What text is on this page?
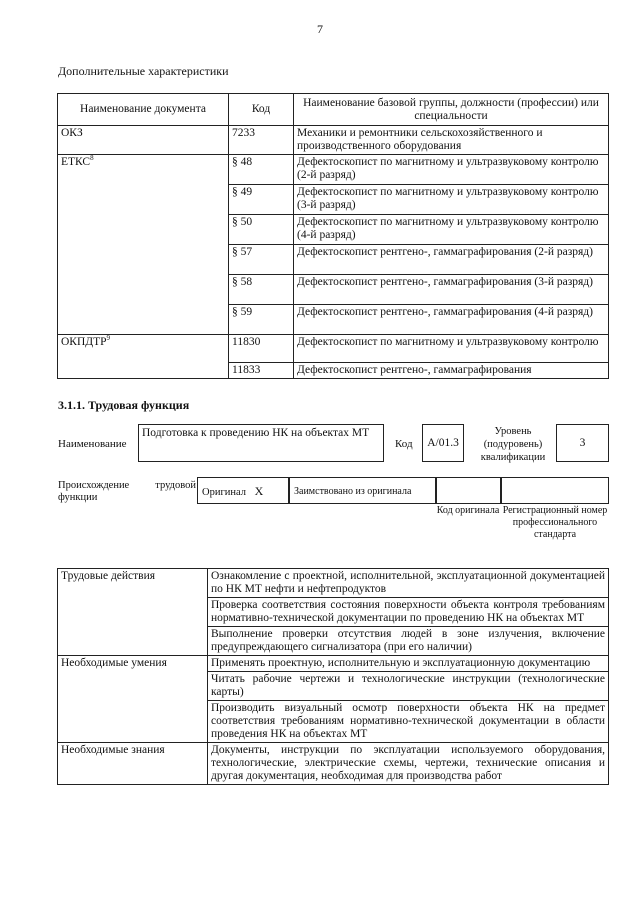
7
Дополнительные характеристики
Наименование документа	Код	Наименование базовой группы, должности (профессии) или специальности
ОКЗ	7233	Механики и ремонтники сельскохозяйственного и производственного оборудования
ЕТКС$^8$	§ 48	Дефектоскопист по магнитному и ультразвуковому контролю (2-й разряд)
	§ 49	Дефектоскопист по магнитному и ультразвуковому контролю (3-й разряд)
	§ 50	Дефектоскопист по магнитному и ультразвуковому контролю (4-й разряд)
	§ 57	Дефектоскопист рентгено-, гаммаграфирования (2-й разряд)
	§ 58	Дефектоскопист рентгено-, гаммаграфирования (3-й разряд)
	§ 59	Дефектоскопист рентгено-, гаммаграфирования (4-й разряд)
ОКПДТР$^9$	11830	Дефектоскопист по магнитному и ультразвуковому контролю
	11833	Дефектоскопист рентгено-, гаммаграфирования
3.1.1. Трудовая функция
Наименование
Подготовка к проведению НК на объектах МТ
Код	A/01.3
Уровень (подуровень) квалификации
3
Происхождение трудовой функции	Оригинал X	Заимствовано из оригинала
Код оригинала Регистрационный номер профессионального стандарта
Трудовые действия	Ознакомление с проектной, исполнительной, эксплуатационной документацией по НК МТ нефти и нефтепродуктов
	Проверка соответствия состояния поверхности объекта контроля требованиям нормативно-технической документации по проведению НК на объектах МТ
	Выполнение проверки отсутствия людей в зоне излучения, включение предупреждающего сигнализатора (при его наличии)
Необходимые умения	Применять проектную, исполнительную и эксплуатационную документацию
	Читать рабочие чертежи и технологические инструкции (технологические карты)
	Производить визуальный осмотр поверхности объекта НК на предмет соответствия требованиям нормативно-технической документации в области проведения НК на объектах МТ
Необходимые знания	Документы, инструкции по эксплуатации используемого оборудования, технологические, электрические схемы, чертежи, технические описания и другая документация, необходимая для производства работ
